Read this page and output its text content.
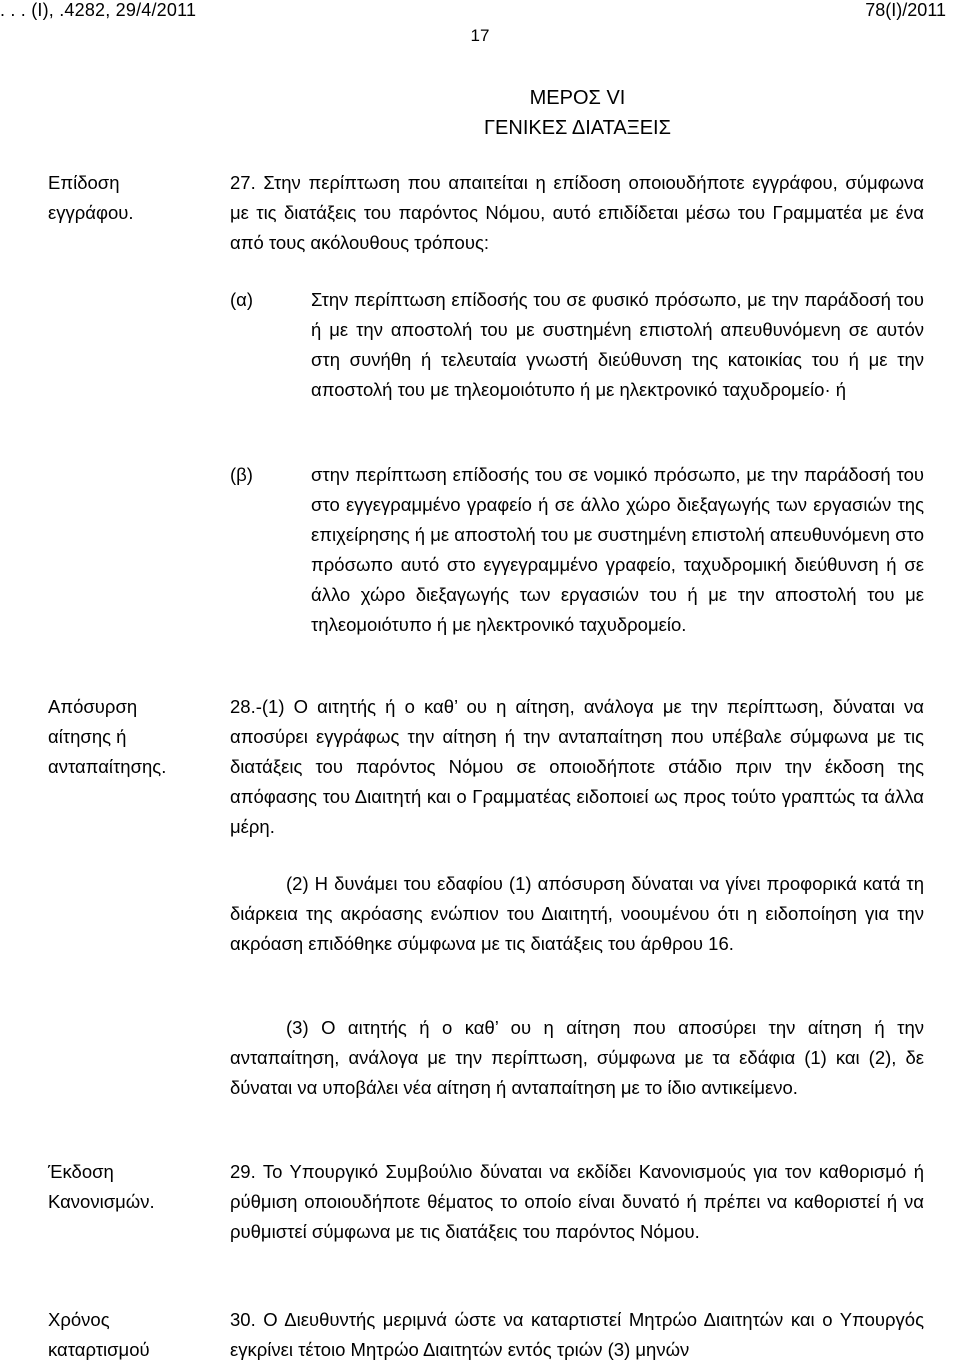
. . . (Ι), .4282, 29/4/2011	78(Ι)/2011
17
ΜΕΡΟΣ VΙ
ΓΕΝΙΚΕΣ ΔΙΑΤΑΞΕΙΣ
Επίδοση εγγράφου.
27. Στην περίπτωση που απαιτείται η επίδοση οποιουδήποτε εγγράφου, σύμφωνα με τις διατάξεις του παρόντος Νόμου, αυτό επιδίδεται μέσω του Γραμματέα με ένα από τους ακόλουθους τρόπους:
(α)	Στην περίπτωση επίδοσής του σε φυσικό πρόσωπο, με την παράδοσή του ή με την αποστολή του με συστημένη επιστολή απευθυνόμενη σε αυτόν στη συνήθη ή τελευταία γνωστή διεύθυνση της κατοικίας του ή με την αποστολή του με τηλεομοιότυπο ή με ηλεκτρονικό ταχυδρομείο· ή
(β)	στην περίπτωση επίδοσής του σε νομικό πρόσωπο, με την παράδοσή του στο εγγεγραμμένο γραφείο ή σε άλλο χώρο διεξαγωγής των εργασιών της επιχείρησης ή με αποστολή του με συστημένη επιστολή απευθυνόμενη στο πρόσωπο αυτό στο εγγεγραμμένο γραφείο, ταχυδρομική διεύθυνση ή σε άλλο χώρο διεξαγωγής των εργασιών του ή με την αποστολή του με τηλεομοιότυπο ή με ηλεκτρονικό ταχυδρομείο.
Απόσυρση αίτησης ή ανταπαίτησης.
28.-(1) Ο αιτητής ή ο καθ’ ου η αίτηση, ανάλογα με την περίπτωση, δύναται να αποσύρει εγγράφως την αίτηση ή την ανταπαίτηση που υπέβαλε σύμφωνα με τις διατάξεις του παρόντος Νόμου σε οποιοδήποτε στάδιο πριν την έκδοση της απόφασης του Διαιτητή και ο Γραμματέας ειδοποιεί ως προς τούτο γραπτώς τα άλλα μέρη.
(2) Η δυνάμει του εδαφίου (1) απόσυρση δύναται να γίνει προφορικά κατά τη διάρκεια της ακρόασης ενώπιον του Διαιτητή, νοουμένου ότι η ειδοποίηση για την ακρόαση επιδόθηκε σύμφωνα με τις διατάξεις του άρθρου 16.
(3) Ο αιτητής ή ο καθ’ ου η αίτηση που αποσύρει την αίτηση ή την ανταπαίτηση, ανάλογα με την περίπτωση, σύμφωνα με τα εδάφια (1) και (2), δε δύναται να υποβάλει νέα αίτηση ή ανταπαίτηση με το ίδιο αντικείμενο.
Έκδοση Κανονισμών.
29. Το Υπουργικό Συμβούλιο δύναται να εκδίδει Κανονισμούς για τον καθορισμό ή ρύθμιση οποιουδήποτε θέματος το οποίο είναι δυνατό ή πρέπει να καθοριστεί ή να ρυθμιστεί σύμφωνα με τις διατάξεις του παρόντος Νόμου.
Χρόνος καταρτισμού
30. Ο Διευθυντής μεριμνά ώστε να καταρτιστεί Μητρώο Διαιτητών και ο Υπουργός εγκρίνει τέτοιο Μητρώο Διαιτητών εντός τριών (3) μηνών
